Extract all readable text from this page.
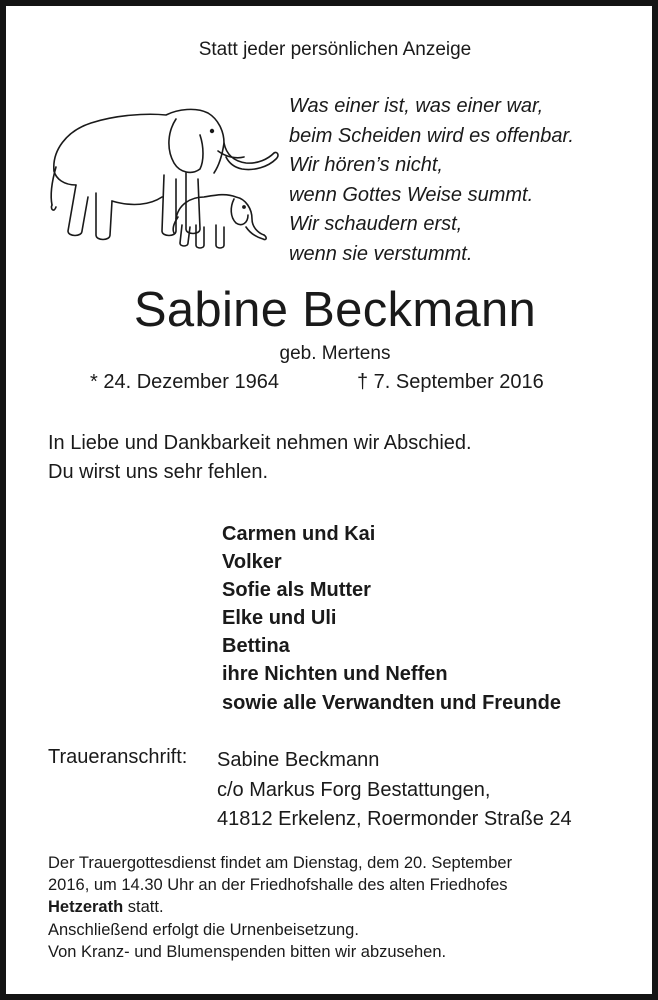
Statt jeder persönlichen Anzeige
Was einer ist, was einer war,
beim Scheiden wird es offenbar.
Wir hören’s nicht,
wenn Gottes Weise summt.
Wir schaudern erst,
wenn sie verstummt.
Sabine Beckmann
geb. Mertens
* 24. Dezember 1964	† 7. September 2016
In Liebe und Dankbarkeit nehmen wir Abschied.
Du wirst uns sehr fehlen.
Carmen und Kai
Volker
Sofie als Mutter
Elke und Uli
Bettina
ihre Nichten und Neffen
sowie alle Verwandten und Freunde
Traueranschrift: Sabine Beckmann
c/o Markus Forg Bestattungen,
41812 Erkelenz, Roermonder Straße 24
Der Trauergottesdienst findet am Dienstag, dem 20. September
2016, um 14.30 Uhr an der Friedhofshalle des alten Friedhofes
Hetzerath statt.
Anschließend erfolgt die Urnenbeisetzung.
Von Kranz- und Blumenspenden bitten wir abzusehen.
